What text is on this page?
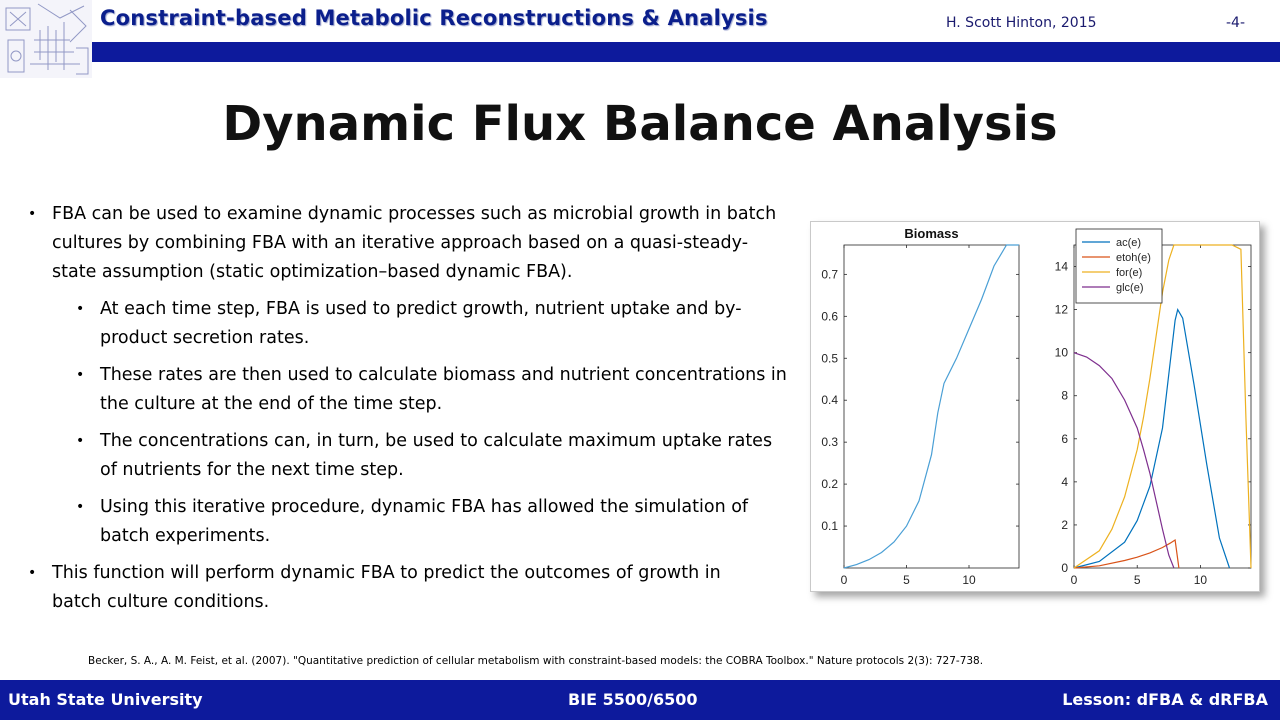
Constraint-based Metabolic Reconstructions & Analysis	H. Scott Hinton, 2015	-4-
Dynamic Flux Balance Analysis

• FBA can be used to examine dynamic processes such as microbial growth in batch cultures by combining FBA with an iterative approach based on a quasi-steady-state assumption (static optimization–based dynamic FBA).

• At each time step, FBA is used to predict growth, nutrient uptake and by-product secretion rates.

• These rates are then used to calculate biomass and nutrient concentrations in the culture at the end of the time step.

• The concentrations can, in turn, be used to calculate maximum uptake rates of nutrients for the next time step.

• Using this iterative procedure, dynamic FBA has allowed the simulation of batch experiments.

• This function will perform dynamic FBA to predict the outcomes of growth in batch culture conditions.

0	5	10
0.1
0.2
0.3
0.4
0.5
0.6
0.7
Biomass
0	5	10
0
2
4
6
8
10
12
14
ac(e)
etoh(e)
for(e)
glc(e)
Becker, S. A., A. M. Feist, et al. (2007). "Quantitative prediction of cellular metabolism with constraint-based models: the COBRA Toolbox." Nature protocols 2(3): 727-738.
Utah State University	BIE 5500/6500	Lesson: dFBA & dRFBA
